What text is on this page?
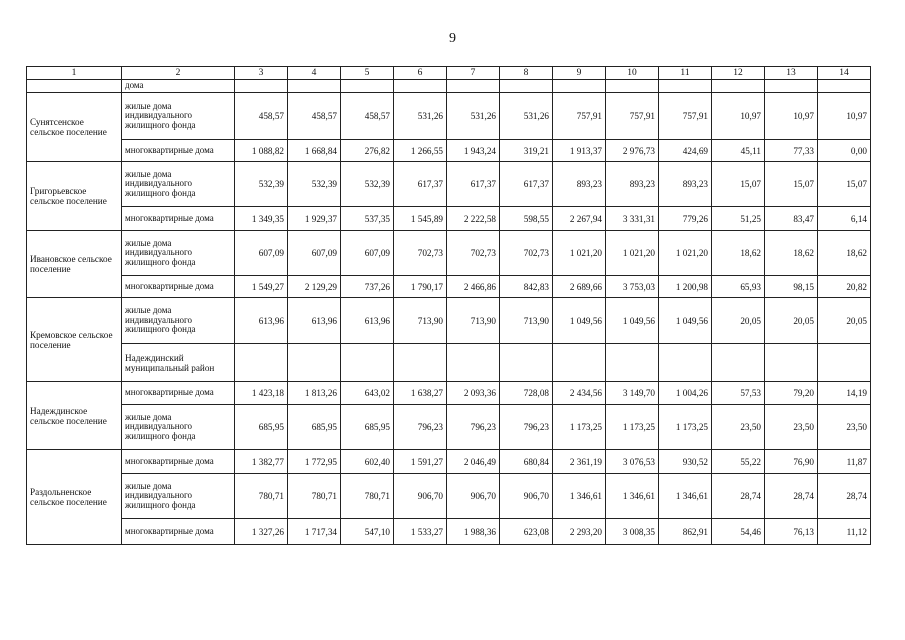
9
1	2	3	4	5	6	7	8	9	10	11	12	13	14	
	дома													
Сунятсенское сельское поселение	жилые дома индивидуального жилищного фонда	458,57	458,57	458,57	531,26	531,26	531,26	757,91	757,91	757,91	10,97	10,97	10,97	
	многоквартирные дома	1 088,82	1 668,84	276,82	1 266,55	1 943,24	319,21	1 913,37	2 976,73	424,69	45,11	77,33	0,00	
Григорьевское сельское поселение	жилые дома индивидуального жилищного фонда	532,39	532,39	532,39	617,37	617,37	617,37	893,23	893,23	893,23	15,07	15,07	15,07	
	многоквартирные дома	1 349,35	1 929,37	537,35	1 545,89	2 222,58	598,55	2 267,94	3 331,31	779,26	51,25	83,47	6,14	
Ивановское сельское поселение	жилые дома индивидуального жилищного фонда	607,09	607,09	607,09	702,73	702,73	702,73	1 021,20	1 021,20	1 021,20	18,62	18,62	18,62	
	многоквартирные дома	1 549,27	2 129,29	737,26	1 790,17	2 466,86	842,83	2 689,66	3 753,03	1 200,98	65,93	98,15	20,82	
Кремовское сельское поселение	жилые дома индивидуального жилищного фонда	613,96	613,96	613,96	713,90	713,90	713,90	1 049,56	1 049,56	1 049,56	20,05	20,05	20,05	
	Надеждинский муниципальный район													
Надеждинское сельское поселение	многоквартирные дома	1 423,18	1 813,26	643,02	1 638,27	2 093,36	728,08	2 434,56	3 149,70	1 004,26	57,53	79,20	14,19	
	жилые дома индивидуального жилищного фонда	685,95	685,95	685,95	796,23	796,23	796,23	1 173,25	1 173,25	1 173,25	23,50	23,50	23,50	
Раздольненское сельское поселение	многоквартирные дома	1 382,77	1 772,95	602,40	1 591,27	2 046,49	680,84	2 361,19	3 076,53	930,52	55,22	76,90	11,87	
	жилые дома индивидуального жилищного фонда	780,71	780,71	780,71	906,70	906,70	906,70	1 346,61	1 346,61	1 346,61	28,74	28,74	28,74	
	многоквартирные дома	1 327,26	1 717,34	547,10	1 533,27	1 988,36	623,08	2 293,20	3 008,35	862,91	54,46	76,13	11,12	
